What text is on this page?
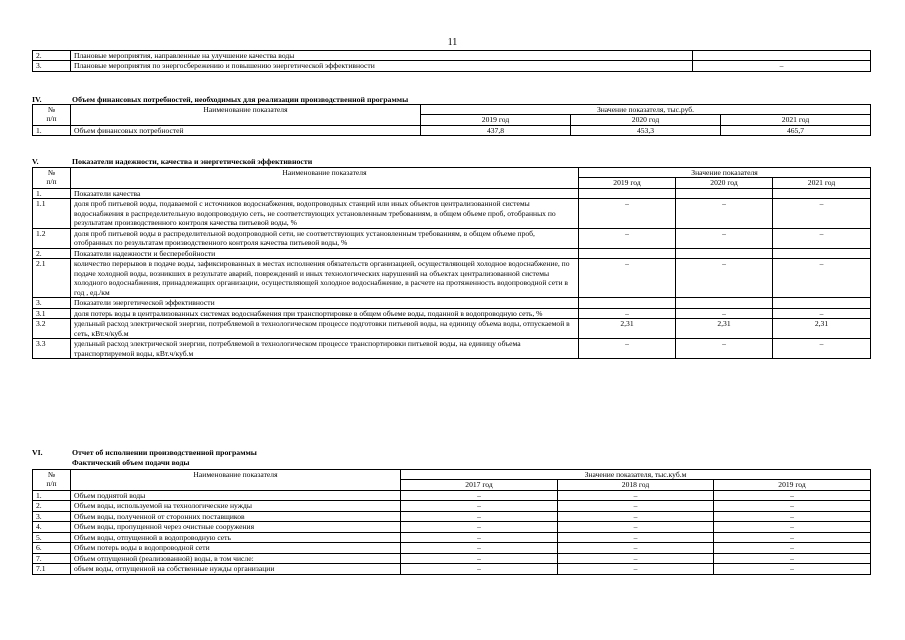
11
2.	Плановые мероприятия, направленные на улучшение качества воды	
3.	Плановые мероприятия по энергосбережению и повышению энергетической эффективности	–
IV.	Объем финансовых потребностей, необходимых для реализации производственной программы
№
п/п	Наименование показателя	Значение показателя, тыс.руб.		
		2019 год	2020 год	2021 год
1.	Объем финансовых потребностей	437,8	453,3	465,7
V.	Показатели надежности, качества и энергетической эффективности
№
п/п	Наименование показателя	Значение показателя		
		2019 год	2020 год	2021 год
1.	Показатели качества			
1.1	доля проб питьевой воды, подаваемой с источников водоснабжения, водопроводных станций или иных объектов централизованной системы водоснабжения в распределительную водопроводную сеть, не соответствующих установленным требованиям, в общем объеме проб, отобранных по результатам производственного контроля качества питьевой воды, %	–	–	–
1.2	доля проб питьевой воды в распределительной водопроводной сети, не соответствующих установленным требованиям, в общем объеме проб, отобранных по результатам производственного контроля качества питьевой воды, %	–	–	–
2.	Показатели надежности и бесперебойности			
2.1	количество перерывов в подаче воды, зафиксированных в местах исполнения обязательств организацией, осуществляющей холодное водоснабжение, по подаче холодной воды, возникших в результате аварий, повреждений и иных технологических нарушений на объектах централизованной системы холодного водоснабжения, принадлежащих организации, осуществляющей холодное водоснабжение, в расчете на протяженность водопроводной сети в год , ед./км	–	–	–
3.	Показатели энергетической эффективности			
3.1	доля потерь воды в централизованных системах водоснабжения при транспортировке в общем объеме воды, поданной в водопроводную сеть, %	–	–	–
3.2	удельный расход электрической энергии, потребляемой в технологическом процессе подготовки питьевой воды, на единицу объема воды, отпускаемой в сеть, кВт.ч/куб.м	2,31	2,31	2,31
3.3	удельный расход электрической энергии, потребляемой в технологическом процессе транспортировки питьевой воды, на единицу объема транспортируемой воды, кВт.ч/куб.м	–	–	–
VI.	Отчет об исполнении производственной программы
Фактический объем подачи воды
№
п/п	Наименование показателя	Значение показателя, тыс.куб.м		
		2017 год	2018 год	2019 год
1.	Объем поднятой воды	–	–	–
2.	Объем воды, используемой на технологические нужды	–	–	–
3.	Объем воды, полученной от сторонних поставщиков	–	–	–
4.	Объем воды, пропущенной через очистные сооружения	–	–	–
5.	Объем воды, отпущенной в водопроводную сеть	–	–	–
6.	Объем потерь воды в водопроводной сети	–	–	–
7.	Объем отпущенной (реализованной) воды, в том числе:	–	–	–
7.1	объем воды, отпущенной на собственные нужды организации	–	–	–
